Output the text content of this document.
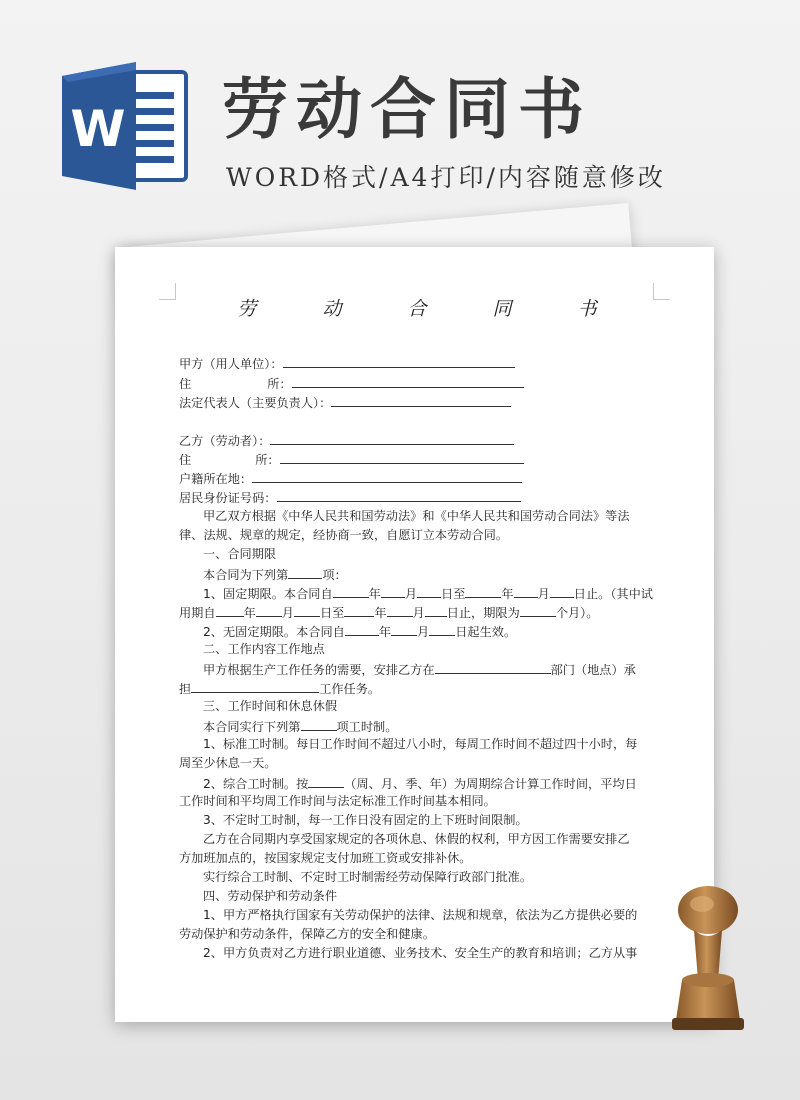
W 劳动合同书
WORD格式/A4打印/内容随意修改
劳 动 合 同 书
甲方（用人单位）：
住	所：
法定代表人（主要负责人）：
乙方（劳动者）：
住	所：
户籍所在地：
居民身份证号码：
甲乙双方根据《中华人民共和国劳动法》和《中华人民共和国劳动合同法》等法
律、法规、规章的规定，经协商一致，自愿订立本劳动合同。
一、合同期限
本合同为下列第	项：
1、固定期限。本合同自	年 月 日至	年 月 日止。（其中试
用期自 年 月 日至 年 月 日止，期限为	个月）。
2、无固定期限。本合同自	年 月 日起生效。
二、工作内容工作地点
甲方根据生产工作任务的需要，安排乙方在	部门（地点）承
担	工作任务。
三、工作时间和休息休假
本合同实行下列第	项工时制。
1、标准工时制。每日工作时间不超过八小时，每周工作时间不超过四十小时，每
周至少休息一天。
2、综合工时制。按	（周、月、季、年）为周期综合计算工作时间，平均日
工作时间和平均周工作时间与法定标准工作时间基本相同。
3、不定时工时制，每一工作日没有固定的上下班时间限制。
乙方在合同期内享受国家规定的各项休息、休假的权利，甲方因工作需要安排乙
方加班加点的，按国家规定支付加班工资或安排补休。
实行综合工时制、不定时工时制需经劳动保障行政部门批准。
四、劳动保护和劳动条件
1、甲方严格执行国家有关劳动保护的法律、法规和规章，依法为乙方提供必要的
劳动保护和劳动条件，保障乙方的安全和健康。
2、甲方负责对乙方进行职业道德、业务技术、安全生产的教育和培训；乙方从事
